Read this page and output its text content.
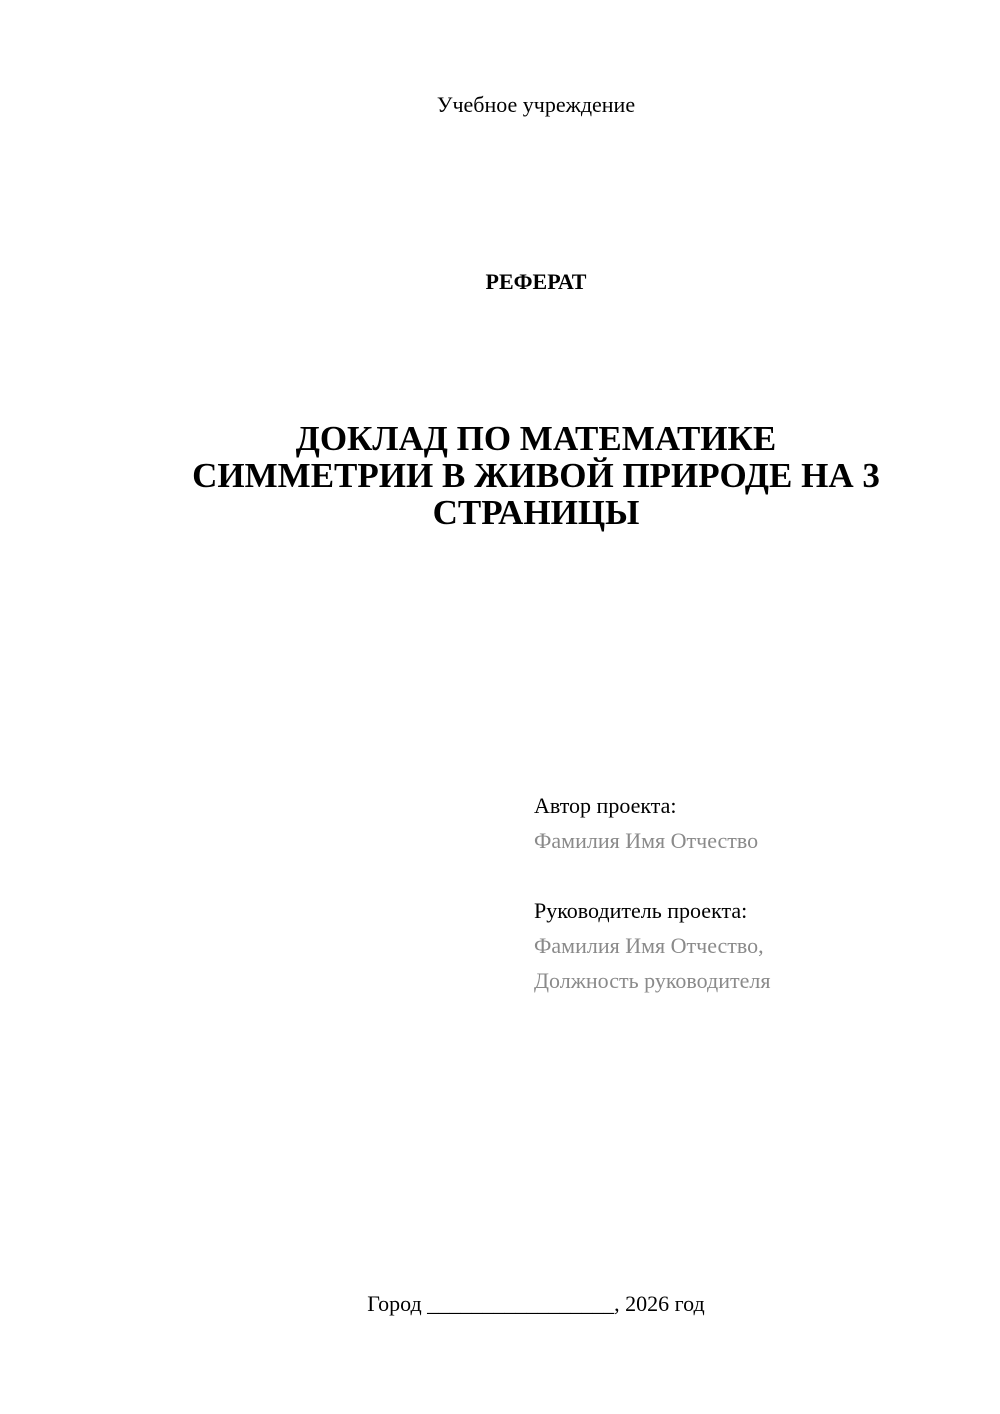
Учебное учреждение
РЕФЕРАТ
ДОКЛАД ПО МАТЕМАТИКЕ
СИММЕТРИИ В ЖИВОЙ ПРИРОДЕ НА 3
СТРАНИЦЫ
Автор проекта:
Фамилия Имя Отчество
Руководитель проекта:
Фамилия Имя Отчество,
Должность руководителя
Город _________________, 2026 год
